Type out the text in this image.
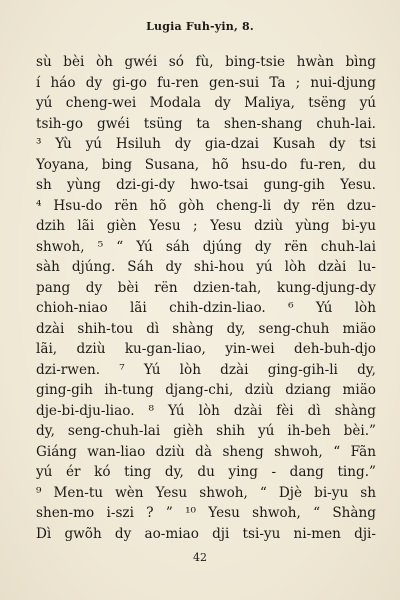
Lugia Fuh-yin, 8.
sù bèi òh gwéi só fù, bing-tsie hwàn bìng
í háo dy gi-go fu-ren gen-sui Ta ; nui-djung
yú cheng-wei Modala dy Maliya, tsëng yú
tsih-go gwéi tsüng ta shen-shang chuh-lai.
³ Yù yú Hsiluh dy gia-dzai Kusah dy tsi
Yoyana, bing Susana, hõ hsu-do fu-ren, du
sh yùng dzi-gi-dy hwo-tsai gung-gih Yesu.
⁴ Hsu-do rën hõ gòh cheng-li dy rën dzu-
dzih lãi gièn Yesu ; Yesu dziù yùng bi-yu
shwoh, ⁵ “ Yú sáh djúng dy rën chuh-lai
sàh djúng. Sáh dy shi-hou yú lòh dzài lu-
pang dy bèi rën dzien-tah, kung-djung-dy
chioh-niao lãi chih-dzin-liao. ⁶ Yú lòh
dzài shih-tou dì shàng dy, seng-chuh miäo
lãi, dziù ku-gan-liao, yin-wei deh-buh-djo
dzi-rwen. ⁷ Yú lòh dzài ging-gih-li dy,
ging-gih ih-tung djang-chi, dziù dziang miäo
dje-bi-dju-liao. ⁸ Yú lòh dzài fèi dì shàng
dy, seng-chuh-lai gièh shih yú ih-beh bèi.”
Giáng wan-liao dziù dà sheng shwoh, “ Fãn
yú ér kó ting dy, du ying - dang ting.”
⁹ Men-tu wèn Yesu shwoh, “ Djè bi-yu sh
shen-mo i-szi ? ” ¹⁰ Yesu shwoh, “ Shàng
Dì gwõh dy ao-miao dji tsi-yu ni-men dji-
42
